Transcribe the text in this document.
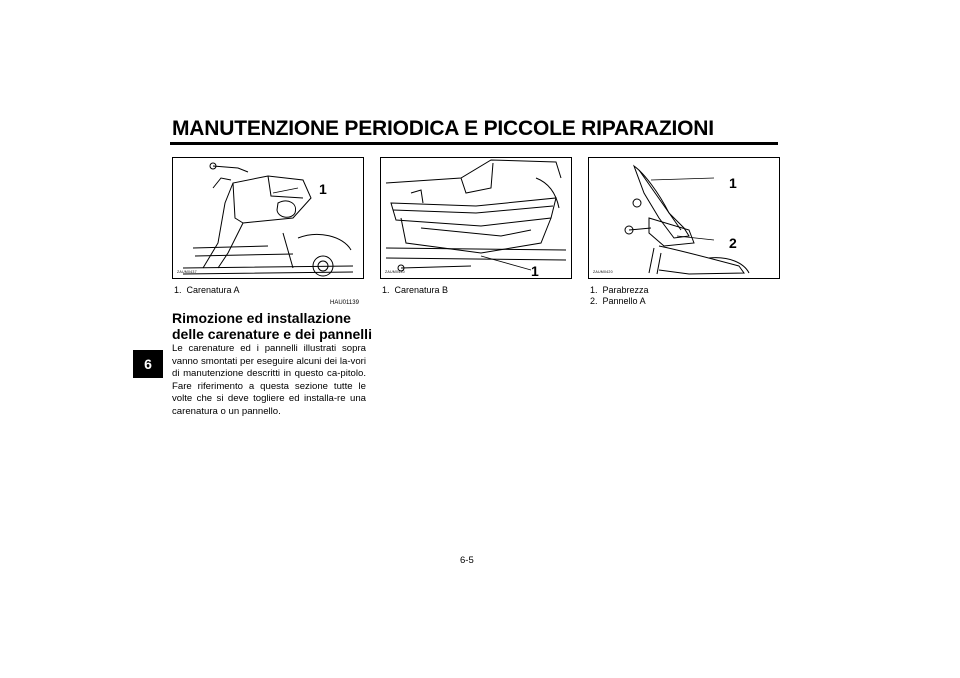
MANUTENZIONE PERIODICA E PICCOLE RIPARAZIONI
6
1
ZAUM0437	1
ZAUM0430
1
2
ZAUM0420
1. Carenatura A	1. Carenatura B	1. Parabrezza
2. Pannello A
HAU01139
Rimozione ed installazione delle carenature e dei pannelli
Le carenature ed i pannelli illustrati sopra vanno smontati per eseguire alcuni dei la-vori di manutenzione descritti in questo ca-pitolo. Fare riferimento a questa sezione tutte le volte che si deve togliere ed installa-re una carenatura o un pannello.
6-5
